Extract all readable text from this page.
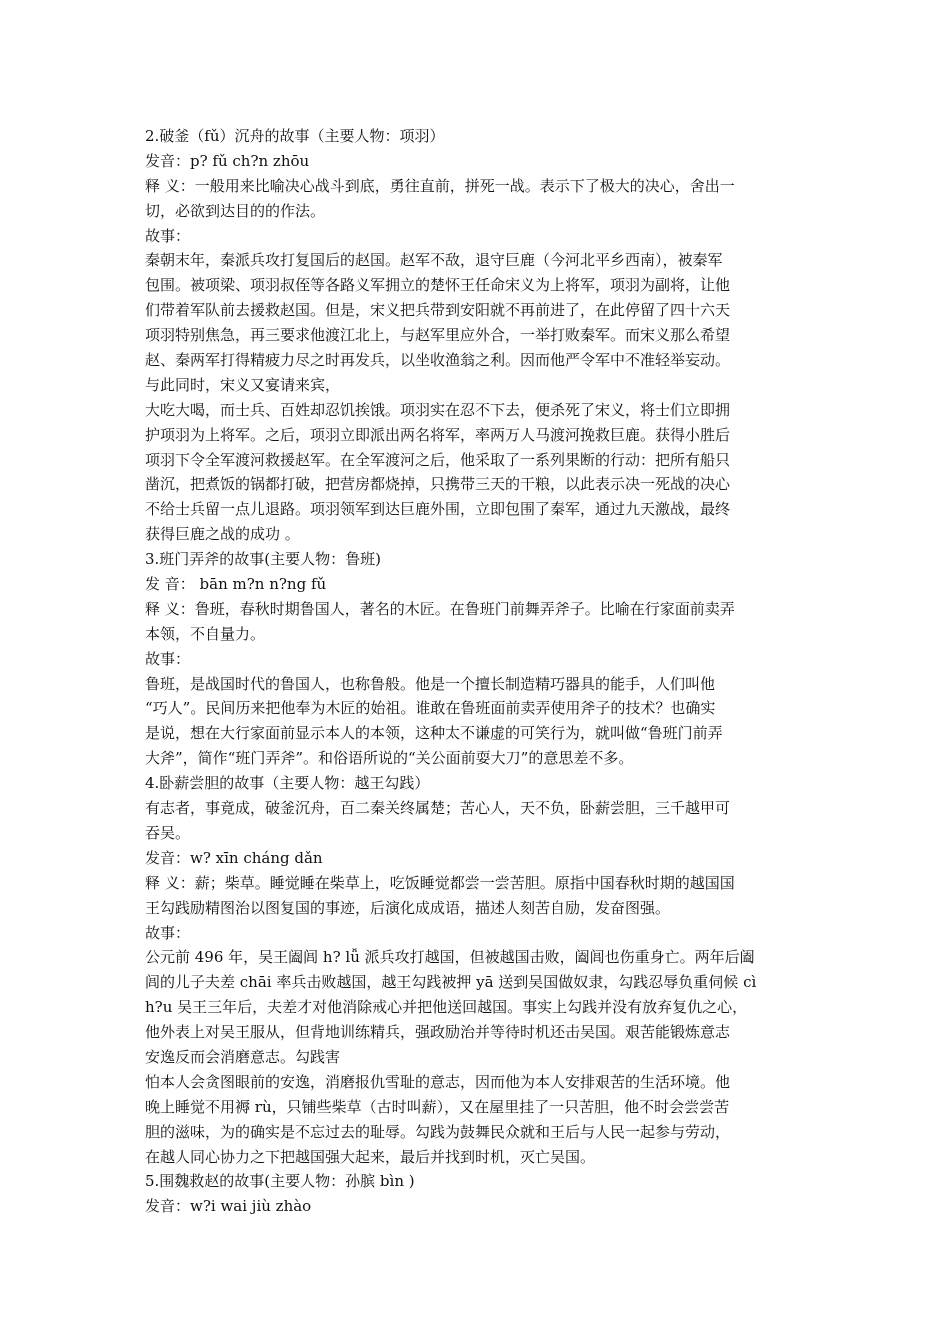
2.破釜（fǔ）沉舟的故事（主要人物：项羽）
发音：p? fǔ ch?n zhōu
释 义：一般用来比喻决心战斗到底，勇往直前，拼死一战。表示下了极大的决心，舍出一
切，必欲到达目的的作法。
故事：
秦朝末年，秦派兵攻打复国后的赵国。赵军不敌，退守巨鹿（今河北平乡西南），被秦军
包围。被项梁、项羽叔侄等各路义军拥立的楚怀王任命宋义为上将军，项羽为副将，让他
们带着军队前去援救赵国。但是，宋义把兵带到安阳就不再前进了，在此停留了四十六天
项羽特别焦急，再三要求他渡江北上，与赵军里应外合，一举打败秦军。而宋义那么希望
赵、秦两军打得精疲力尽之时再发兵，以坐收渔翁之利。因而他严令军中不准轻举妄动。
与此同时，宋义又宴请来宾，
大吃大喝，而士兵、百姓却忍饥挨饿。项羽实在忍不下去，便杀死了宋义，将士们立即拥
护项羽为上将军。之后，项羽立即派出两名将军，率两万人马渡河挽救巨鹿。获得小胜后
项羽下令全军渡河救援赵军。在全军渡河之后，他采取了一系列果断的行动：把所有船只
凿沉，把煮饭的锅都打破，把营房都烧掉，只携带三天的干粮，以此表示决一死战的决心
不给士兵留一点儿退路。项羽领军到达巨鹿外围，立即包围了秦军，通过九天激战，最终
获得巨鹿之战的成功 。
3.班门弄斧的故事(主要人物：鲁班)
发 音： bān m?n n?ng fǔ
释 义：鲁班，春秋时期鲁国人，著名的木匠。在鲁班门前舞弄斧子。比喻在行家面前卖弄
本领，不自量力。
故事：
鲁班，是战国时代的鲁国人，也称鲁般。他是一个擅长制造精巧器具的能手，人们叫他
“巧人”。民间历来把他奉为木匠的始祖。谁敢在鲁班面前卖弄使用斧子的技术？也确实
是说，想在大行家面前显示本人的本领，这种太不谦虚的可笑行为，就叫做“鲁班门前弄
大斧”，简作“班门弄斧”。和俗语所说的“关公面前耍大刀”的意思差不多。
4.卧薪尝胆的故事（主要人物：越王勾践）
有志者，事竟成，破釜沉舟，百二秦关终属楚；苦心人，天不负，卧薪尝胆，三千越甲可
吞吴。
发音：w? xīn cháng dǎn
释 义：薪；柴草。睡觉睡在柴草上，吃饭睡觉都尝一尝苦胆。原指中国春秋时期的越国国
王勾践励精图治以图复国的事迹，后演化成成语，描述人刻苦自励，发奋图强。
故事：
公元前 496 年，吴王阖闾 h? lǚ 派兵攻打越国，但被越国击败，阖闾也伤重身亡。两年后阖
闾的儿子夫差 chāi 率兵击败越国，越王勾践被押 yā 送到吴国做奴隶，勾践忍辱负重伺候 cì
h?u 吴王三年后，夫差才对他消除戒心并把他送回越国。事实上勾践并没有放弃复仇之心，
他外表上对吴王服从，但背地训练精兵，强政励治并等待时机还击吴国。艰苦能锻炼意志
安逸反而会消磨意志。勾践害
怕本人会贪图眼前的安逸，消磨报仇雪耻的意志，因而他为本人安排艰苦的生活环境。他
晚上睡觉不用褥 rù，只铺些柴草（古时叫薪），又在屋里挂了一只苦胆，他不时会尝尝苦
胆的滋味，为的确实是不忘过去的耻辱。勾践为鼓舞民众就和王后与人民一起参与劳动，
在越人同心协力之下把越国强大起来，最后并找到时机，灭亡吴国。
5.围魏救赵的故事(主要人物：孙膑 bìn )
发音：w?i wai jiù zhào
